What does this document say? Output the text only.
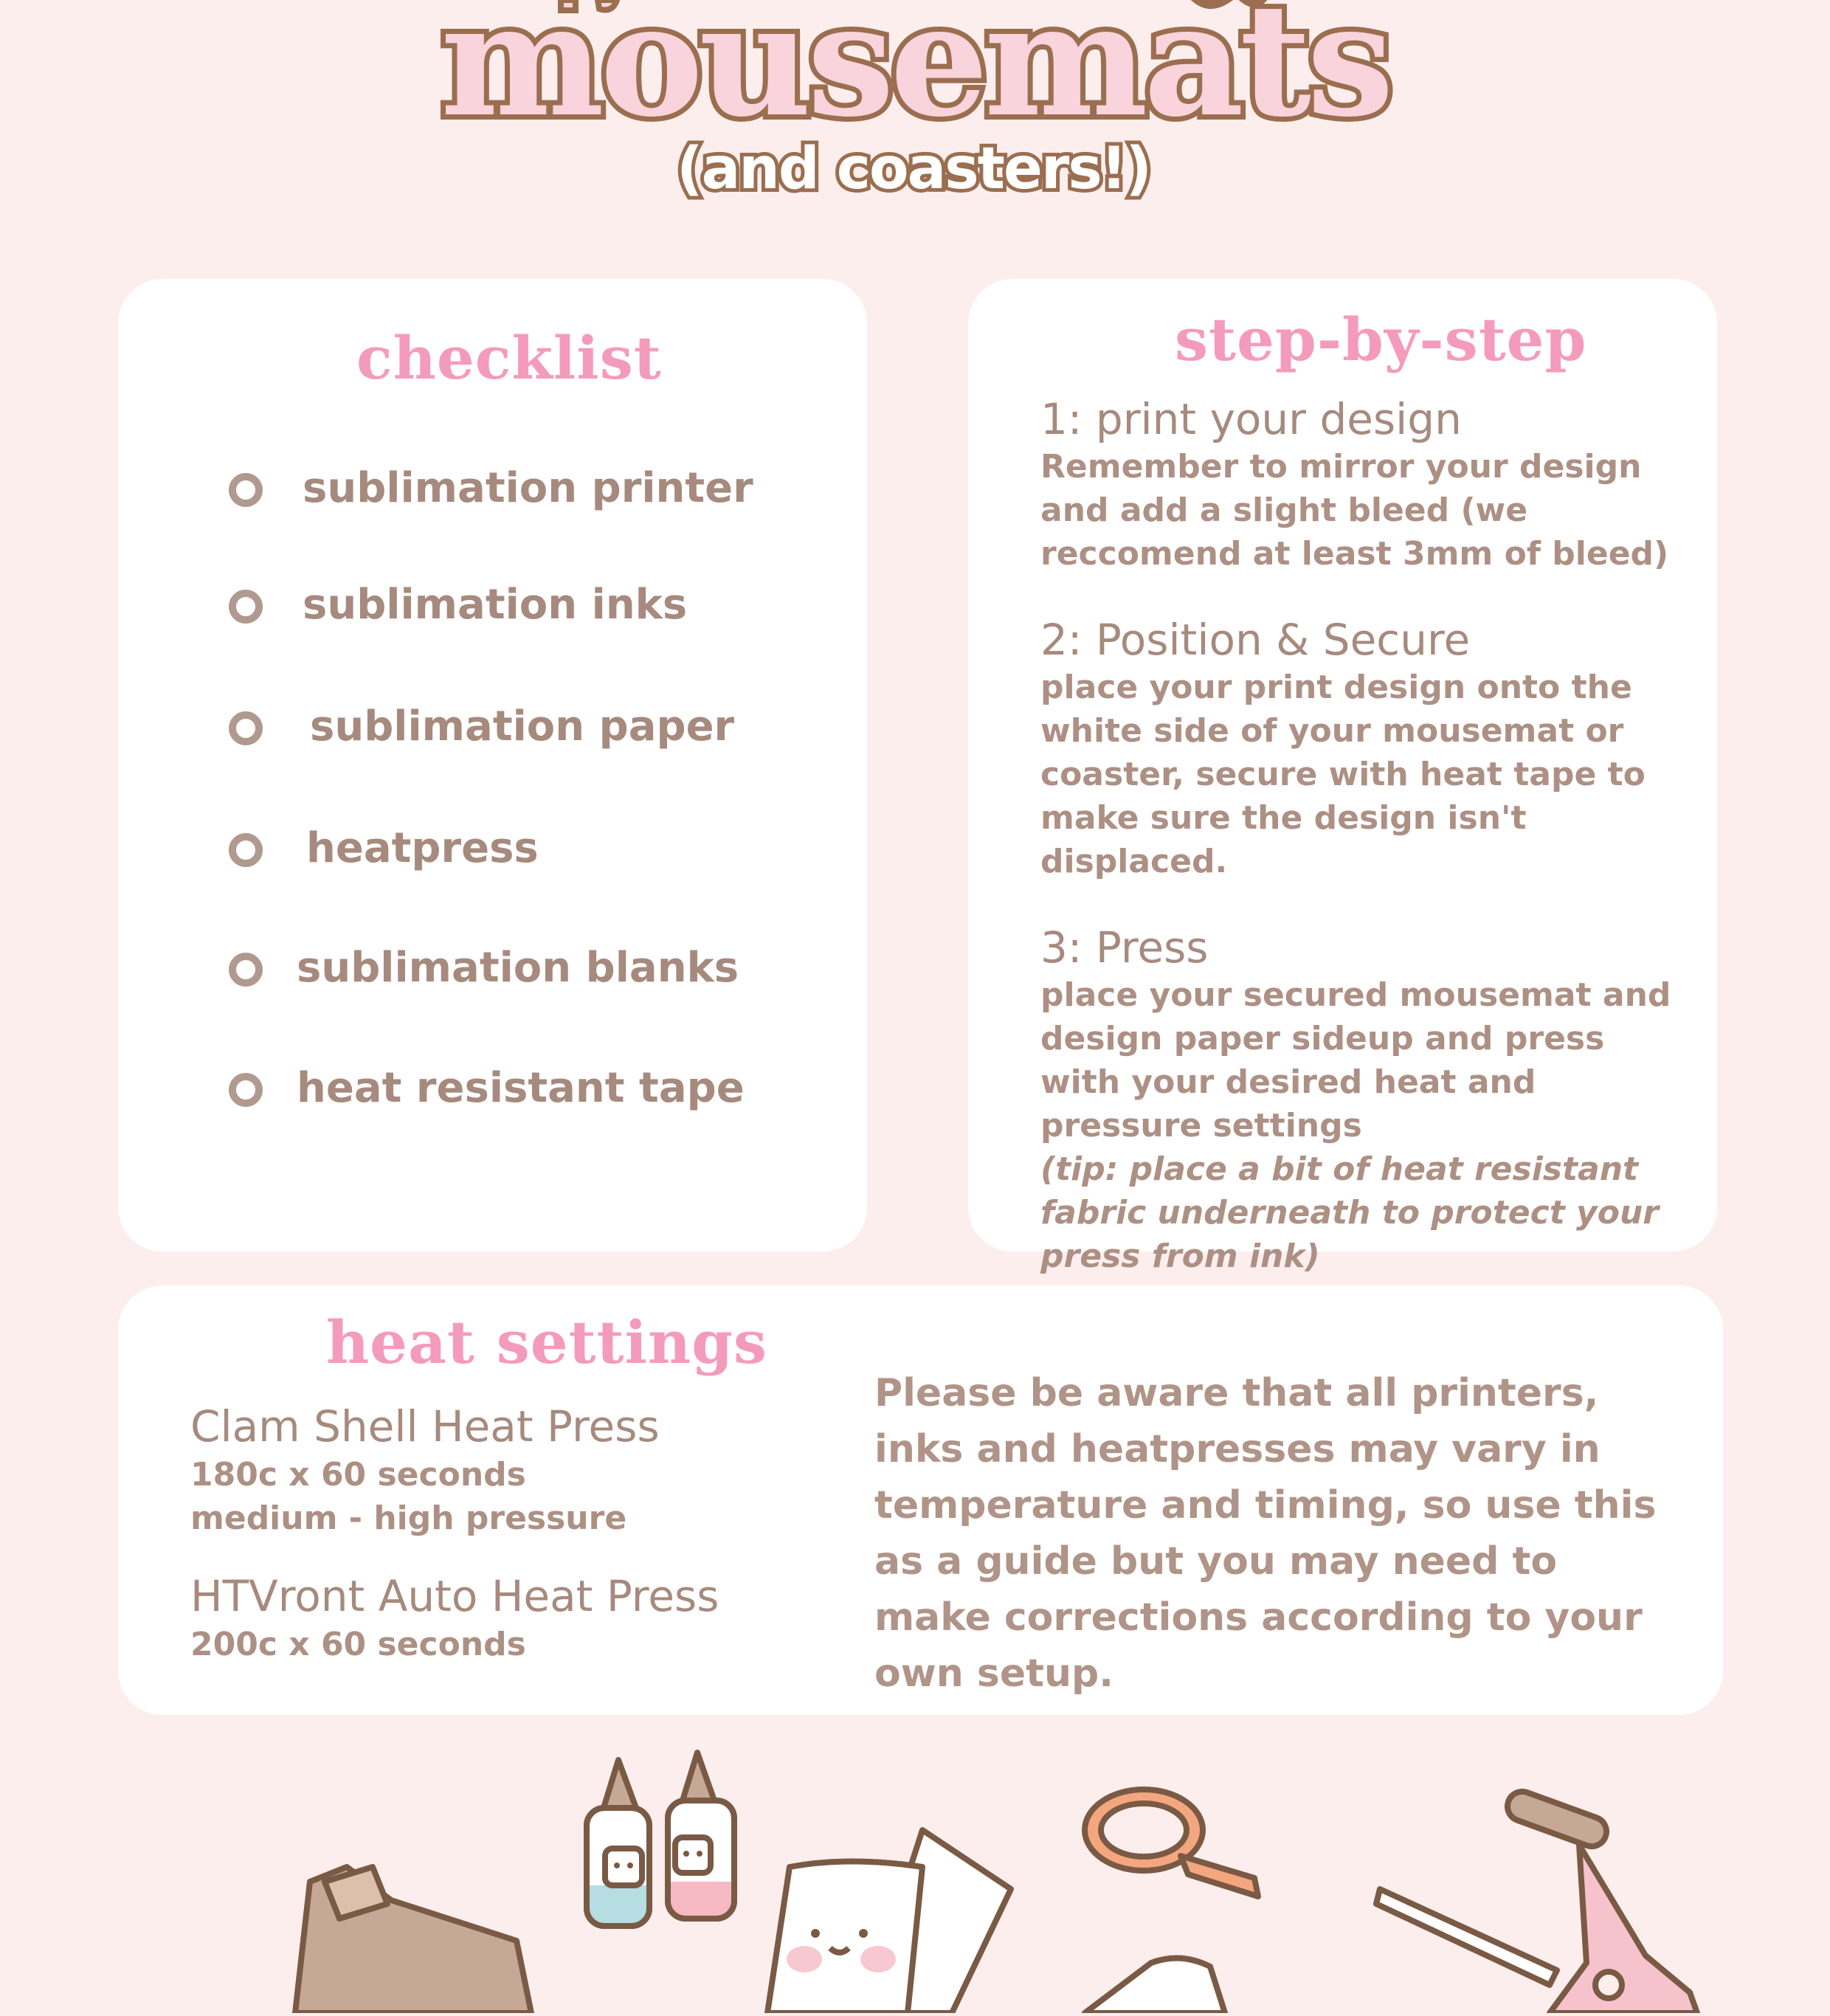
mousemats
(and coasters!)
checklist
sublimation printer
sublimation inks
sublimation paper
heatpress
sublimation blanks
heat resistant tape
step-by-step

1: print your design

Remember to mirror your design and add a slight bleed (we reccomend at least 3mm of bleed)

2: Position & Secure

place your print design onto the white side of your mousemat or coaster, secure with heat tape to make sure the design isn't displaced.

3: Press

place your secured mousemat and design paper sideup and press with your desired heat and pressure settings

(tip: place a bit of heat resistant fabric underneath to protect your press from ink)

heat settings

Clam Shell Heat Press

180c x 60 seconds

medium - high pressure

HTVront Auto Heat Press

200c x 60 seconds

Please be aware that all printers, inks and heatpresses may vary in temperature and timing, so use this as a guide but you may need to make corrections according to your own setup.
